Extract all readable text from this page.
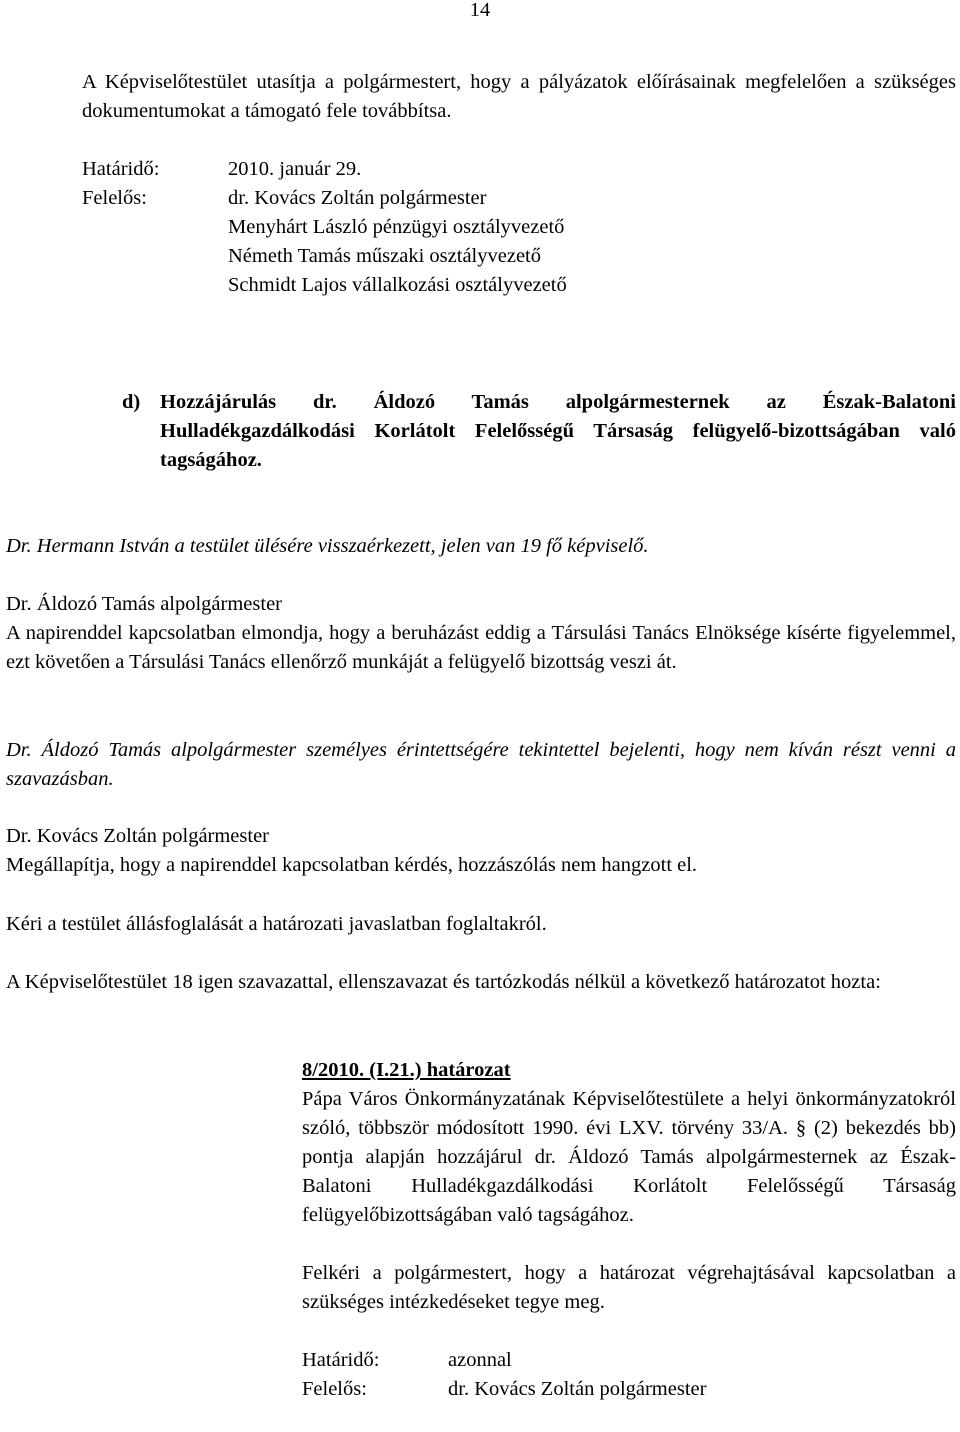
14

A Képviselőtestület utasítja a polgármestert, hogy a pályázatok előírásainak megfelelően a szükséges dokumentumokat a támogató fele továbbítsa.

Határidő:	2010. január 29.
Felelős:	dr. Kovács Zoltán polgármester
Menyhárt László pénzügyi osztályvezető
Németh Tamás műszaki osztályvezető
Schmidt Lajos vállalkozási osztályvezető
d) Hozzájárulás dr. Áldozó Tamás alpolgármesternek az Észak-Balatoni Hulladékgazdálkodási Korlátolt Felelősségű Társaság felügyelő-bizottságában való tagságához.

Dr. Hermann István a testület ülésére visszaérkezett, jelen van 19 fő képviselő.

Dr. Áldozó Tamás alpolgármester
A napirenddel kapcsolatban elmondja, hogy a beruházást eddig a Társulási Tanács Elnöksége kísérte figyelemmel, ezt követően a Társulási Tanács ellenőrző munkáját a felügyelő bizottság veszi át.

Dr. Áldozó Tamás alpolgármester személyes érintettségére tekintettel bejelenti, hogy nem kíván részt venni a szavazásban.

Dr. Kovács Zoltán polgármester
Megállapítja, hogy a napirenddel kapcsolatban kérdés, hozzászólás nem hangzott el.

Kéri a testület állásfoglalását a határozati javaslatban foglaltakról.

A Képviselőtestület 18 igen szavazattal, ellenszavazat és tartózkodás nélkül a következő határozatot hozta:

8/2010. (I.21.) határozat
Pápa Város Önkormányzatának Képviselőtestülete a helyi önkormányzatokról szóló, többször módosított 1990. évi LXV. törvény 33/A. § (2) bekezdés bb) pontja alapján hozzájárul dr. Áldozó Tamás alpolgármesternek az Észak-Balatoni Hulladékgazdálkodási Korlátolt Felelősségű Társaság felügyelőbizottságában való tagságához.
Felkéri a polgármestert, hogy a határozat végrehajtásával kapcsolatban a szükséges intézkedéseket tegye meg.
Határidő:	azonnal
Felelős:	dr. Kovács Zoltán polgármester
